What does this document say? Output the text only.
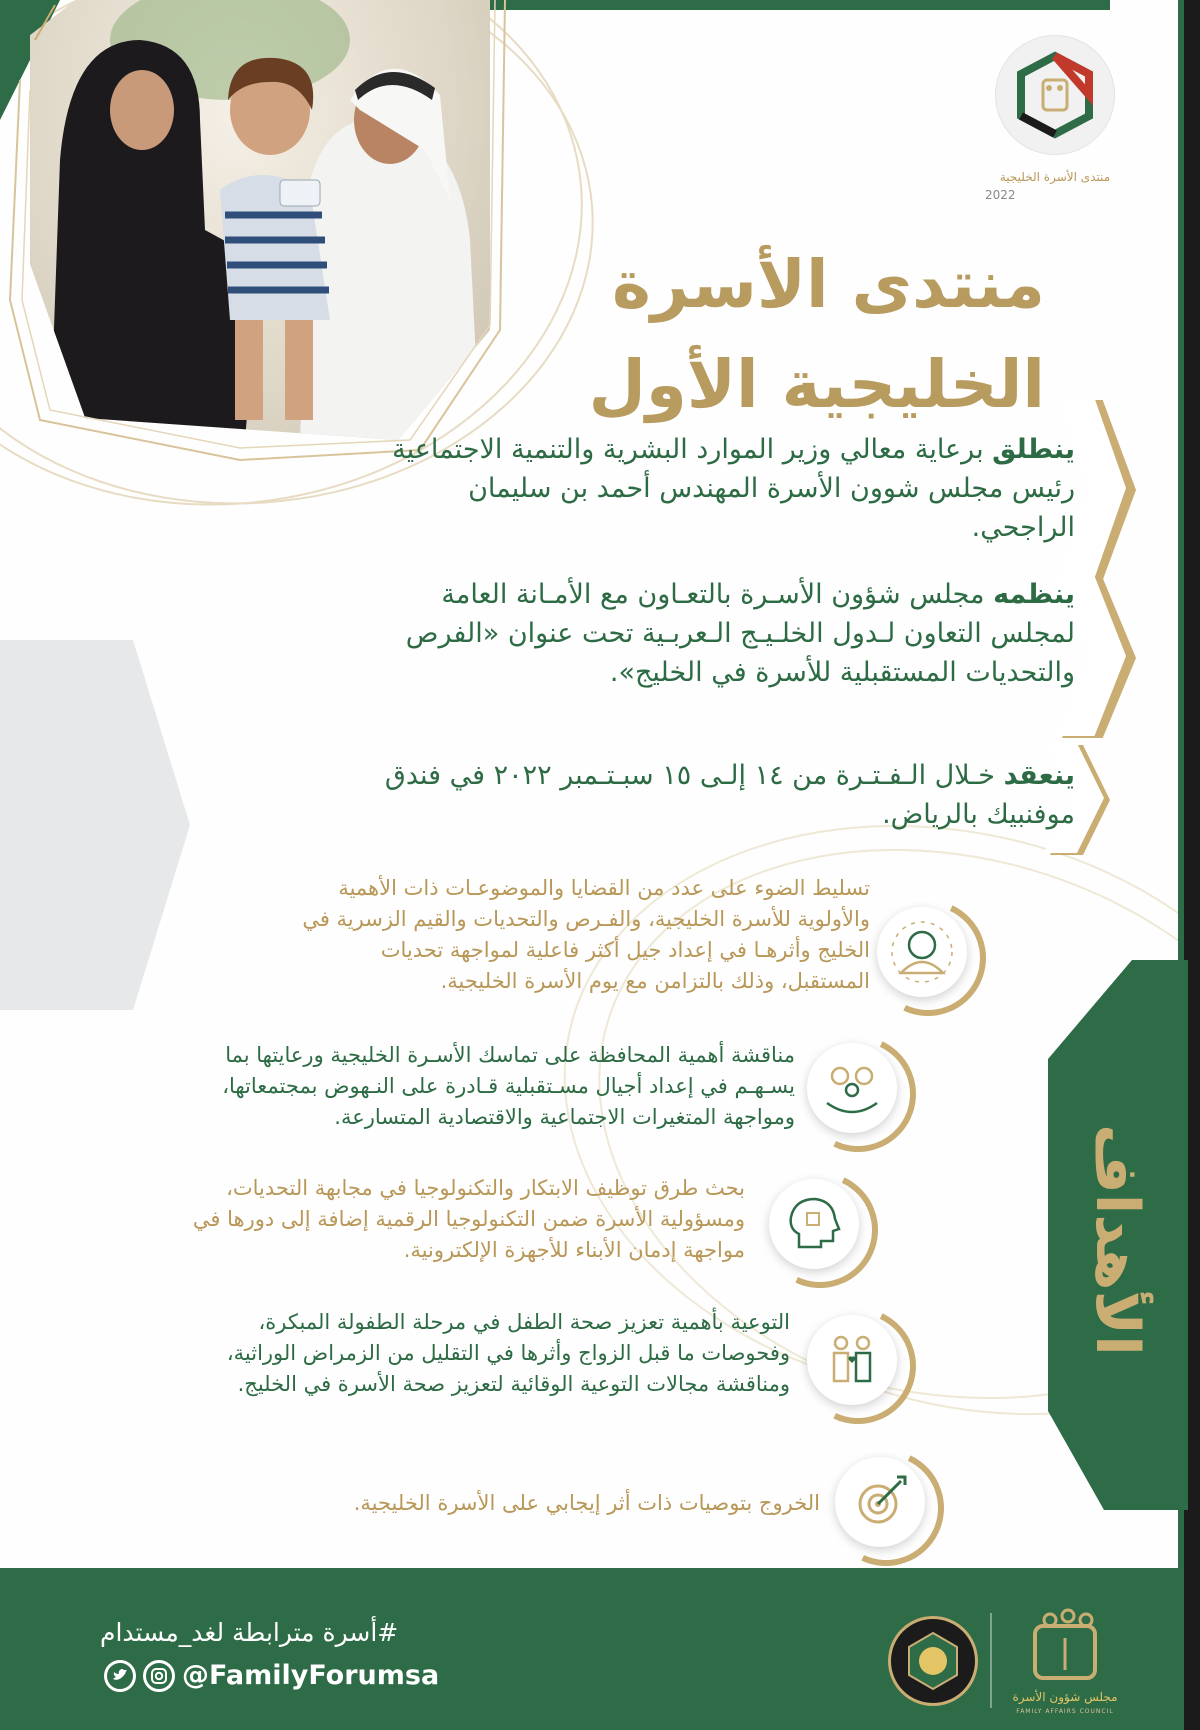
منتدى الأسرة الخليجية
2022
منتدى الأسرة
الخليجية الأول
ينطلق برعاية معالي وزير الموارد البشرية والتنمية الاجتماعية رئيس مجلس شوون الأسرة المهندس أحمد بن سليمان الراجحي.
ينظمه مجلس شؤون الأسـرة بالتعـاون مع الأمـانة العامة لمجلس التعاون لـدول الخلـيـج الـعربـية تحت عنوان «الفرص والتحديات المستقبلية للأسرة في الخليج».
ينعقد خـلال الـفـتـرة من ١٤ إلـى ١٥ سبـتـمبر ٢٠٢٢ في فندق موفنبيك بالرياض.
الأهداف
تسليط الضوء على عدد من القضايا والموضوعـات ذات الأهمية والأولوية للأسرة الخليجية، والفـرص والتحديات والقيم الزسرية في الخليج وأثرهـا في إعداد جيل أكثر فاعلية لمواجهة تحديات المستقبل، وذلك بالتزامن مع يوم الأسرة الخليجية.
مناقشة أهمية المحافظة على تماسك الأسـرة الخليجية ورعايتها بما يسـهـم في إعداد أجيال مسـتقبلية قـادرة على النـهوض بمجتمعاتها، ومواجهة المتغيرات الاجتماعية والاقتصادية المتسارعة.
بحث طرق توظيف الابتكار والتكنولوجيا في مجابهة التحديات، ومسؤولية الأسرة ضمن التكنولوجيا الرقمية إضافة إلى دورها في مواجهة إدمان الأبناء للأجهزة الإلكترونية.
التوعية بأهمية تعزيز صحة الطفل في مرحلة الطفولة المبكرة، وفحوصات ما قبل الزواج وأثرها في التقليل من الزمراض الوراثية، ومناقشة مجالات التوعية الوقائية لتعزيز صحة الأسرة في الخليج.
الخروج بتوصيات ذات أثر إيجابي على الأسرة الخليجية.
#أسرة مترابطة لغد_مستدام
@FamilyForumsa
مجلس شؤون الأسرة
FAMILY AFFAIRS COUNCIL
